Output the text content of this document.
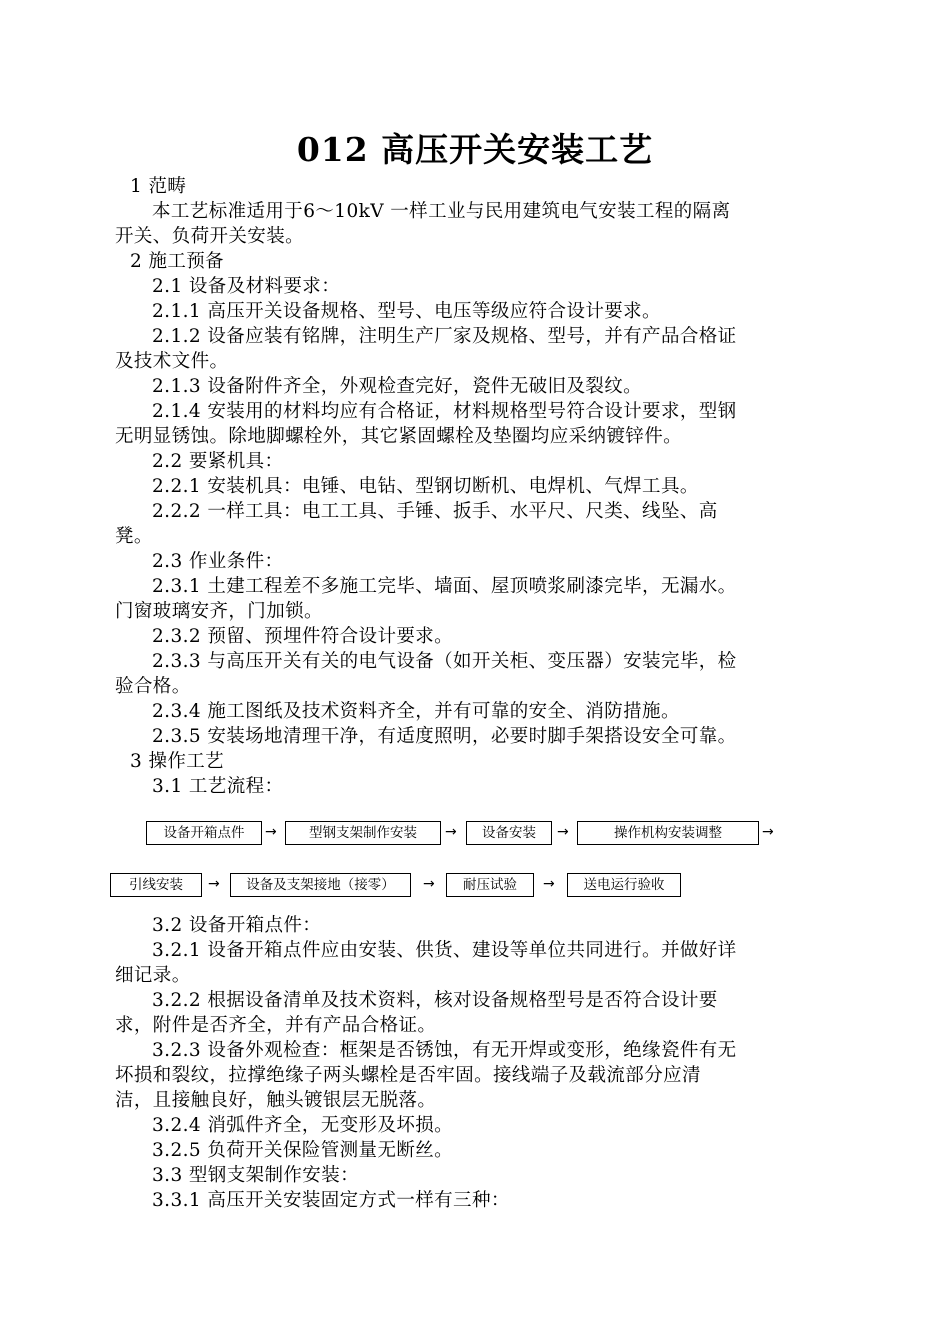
012 高压开关安装工艺
1 范畴
本工艺标准适用于6～10kV 一样工业与民用建筑电气安装工程的隔离
开关、负荷开关安装。
2 施工预备
2.1 设备及材料要求：
2.1.1 高压开关设备规格、型号、电压等级应符合设计要求。
2.1.2 设备应装有铭牌，注明生产厂家及规格、型号，并有产品合格证
及技术文件。
2.1.3 设备附件齐全，外观检查完好，瓷件无破旧及裂纹。
2.1.4 安装用的材料均应有合格证，材料规格型号符合设计要求，型钢
无明显锈蚀。除地脚螺栓外，其它紧固螺栓及垫圈均应采纳镀锌件。
2.2 要紧机具：
2.2.1 安装机具：电锤、电钻、型钢切断机、电焊机、气焊工具。
2.2.2 一样工具：电工工具、手锤、扳手、水平尺、尺类、线坠、高
凳。
2.3 作业条件：
2.3.1 土建工程差不多施工完毕、墙面、屋顶喷浆刷漆完毕，无漏水。
门窗玻璃安齐，门加锁。
2.3.2 预留、预埋件符合设计要求。
2.3.3 与高压开关有关的电气设备（如开关柜、变压器）安装完毕，检
验合格。
2.3.4 施工图纸及技术资料齐全，并有可靠的安全、消防措施。
2.3.5 安装场地清理干净，有适度照明，必要时脚手架搭设安全可靠。
3 操作工艺
3.1 工艺流程：
设备开箱点件	→	型钢支架制作安装	→	设备安装	→	操作机构安装调整	→
引线安装	→	设备及支架接地（接零）	→	耐压试验	→	送电运行验收
3.2 设备开箱点件：
3.2.1 设备开箱点件应由安装、供货、建设等单位共同进行。并做好详
细记录。
3.2.2 根据设备清单及技术资料，核对设备规格型号是否符合设计要
求，附件是否齐全，并有产品合格证。
3.2.3 设备外观检查：框架是否锈蚀，有无开焊或变形，绝缘瓷件有无
坏损和裂纹，拉撑绝缘子两头螺栓是否牢固。接线端子及载流部分应清
洁，且接触良好，触头镀银层无脱落。
3.2.4 消弧件齐全，无变形及坏损。
3.2.5 负荷开关保险管测量无断丝。
3.3 型钢支架制作安装：
3.3.1 高压开关安装固定方式一样有三种：
